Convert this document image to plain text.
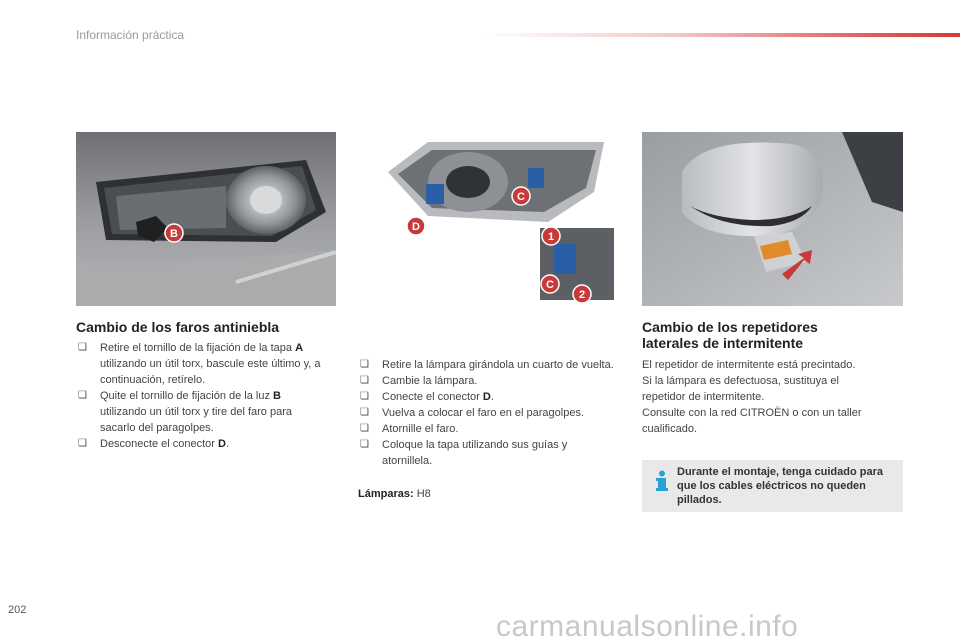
Información práctica
B
C
D
1
C
2
Cambio de los faros antiniebla
❑ Retire el tornillo de la fijación de la tapa A utilizando un útil torx, bascule este último y, a continuación, retírelo.
❑ Quite el tornillo de fijación de la luz B utilizando un útil torx y tire del faro para sacarlo del paragolpes.
❑ Desconecte el conector D.
❑ Retire la lámpara girándola un cuarto de vuelta.
❑ Cambie la lámpara.
❑ Conecte el conector D.
❑ Vuelva a colocar el faro en el paragolpes.
❑ Atornille el faro.
❑ Coloque la tapa utilizando sus guías y atornillela.
Lámparas: H8
Cambio de los repetidores
laterales de intermitente
El repetidor de intermitente está precintado.
Si la lámpara es defectuosa, sustituya el
repetidor de intermitente.
Consulte con la red CITROËN o con un taller
cualificado.
Durante el montaje, tenga cuidado para que los cables eléctricos no queden pillados.
202	carmanualsonline.info
